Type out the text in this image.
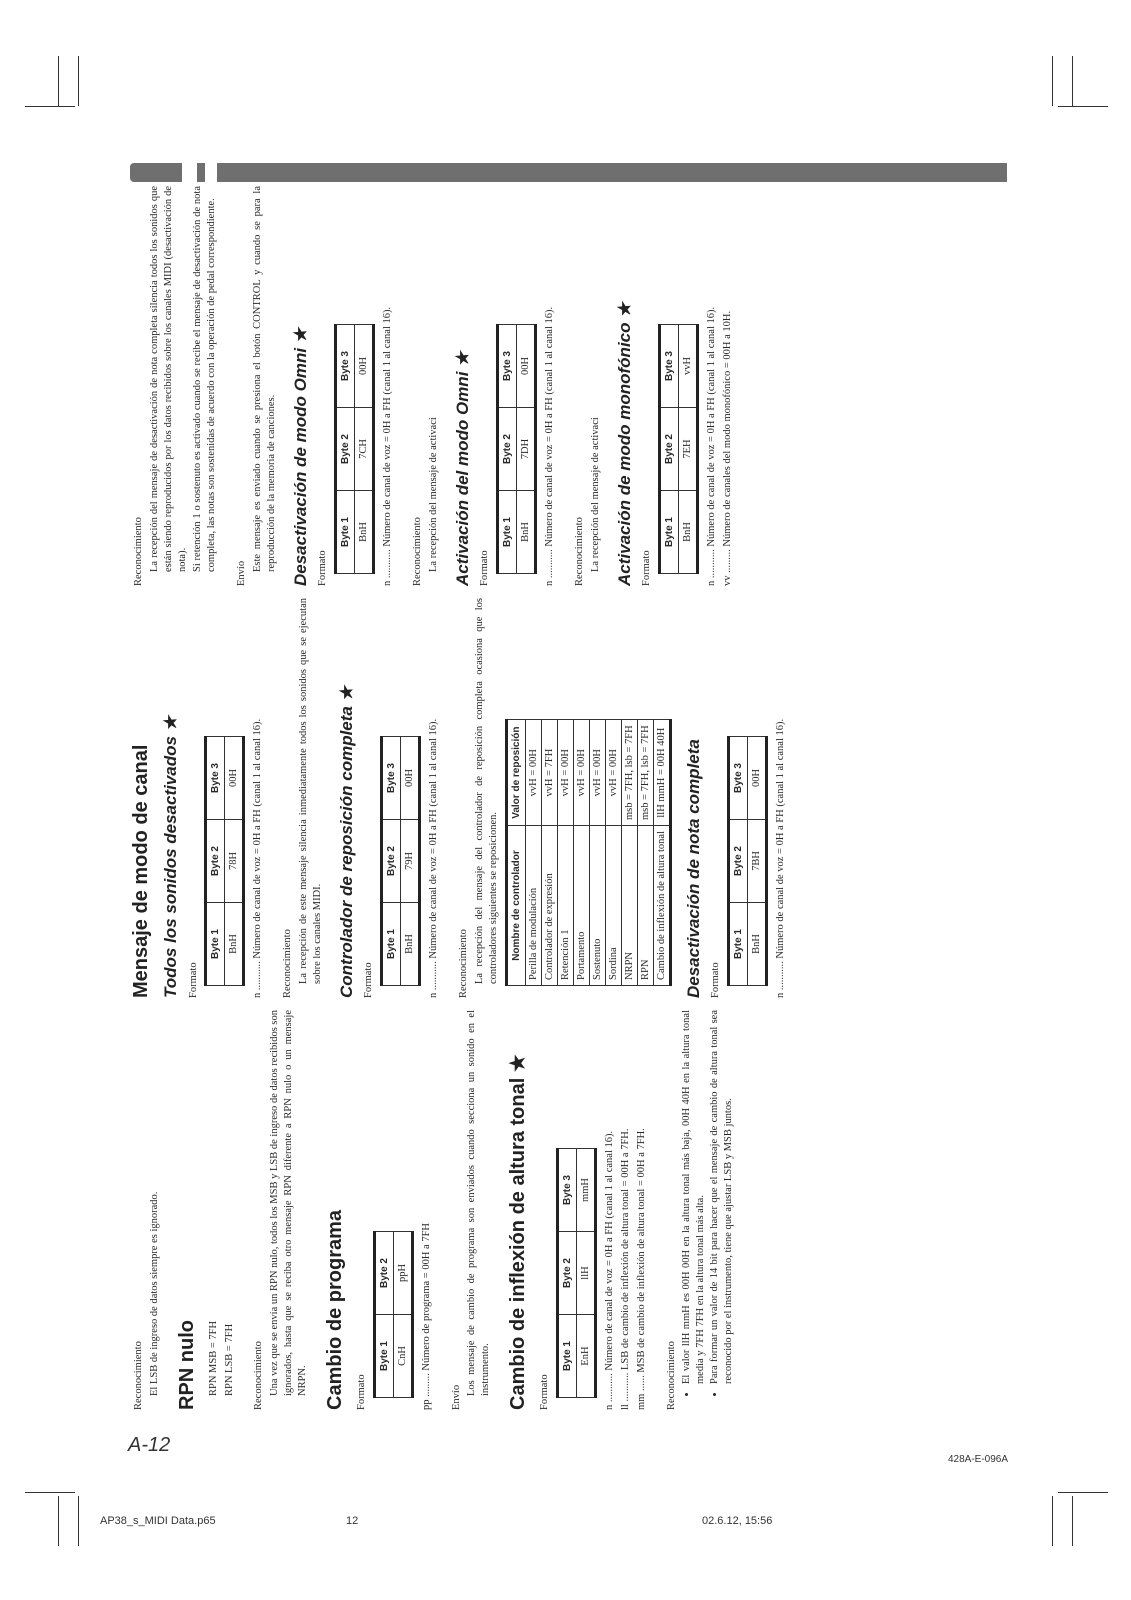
A-12
428A-E-096A
AP38_s_MIDI Data.p65	12	02.6.12, 15:56

Reconocimiento El LSB de ingreso de datos siempre es ignorado. RPN nulo RPN MSB = 7FH RPN LSB = 7FH Reconocimiento Una vez que se envía un RPN nulo, todos los MSB y LSB de ingreso de datos recibidos son ignorados, hasta que se reciba otro mensaje RPN diferente a RPN nulo o un mensaje NRPN. Cambio de programa Formato

Byte 1	Byte 2
CnH	ppH pp ......... Número de programa = 00H a 7FH Envío

Los mensaje de cambio de programa son enviados cuando secciona un sonido en el instrumento. Cambio de inflexión de altura tonal ★ Formato

Byte 1	Byte 2	Byte 3
EnH	llH	mmH n ........... Número de canal de voz = 0H a FH (canal 1 al canal 16). ll ........... LSB de cambio de inflexión de altura tonal = 00H a 7FH. mm ...... MSB de cambio de inflexión de altura tonal = 00H a 7FH. Reconocimiento • El valor llH mmH es 00H 00H en la altura tonal más baja, 00H 40H en la altura tonal media y 7FH 7FH en la altura tonal más alta. • Para formar un valor de 14 bit para hacer que el mensaje de cambio de altura tonal sea reconocido por el instrumento, tiene que ajustar LSB y MSB juntos.
Mensaje de modo de canal Todos los sonidos desactivados ★ Formato

Byte 1	Byte 2	Byte 3
BnH	78H	00H n ........... Número de canal de voz = 0H a FH (canal 1 al canal 16). Reconocimiento La recepción de este mensaje silencia inmediatamente todos los sonidos que se ejecutan sobre los canales MIDI. Controlador de reposición completa ★ Formato

Byte 1	Byte 2	Byte 3
BnH	79H	00H n ........... Número de canal de voz = 0H a FH (canal 1 al canal 16). Reconocimiento La recepción del mensaje del controlador de reposición completa ocasiona que los controladores siguientes se reposicionen. Nombre de controlador	Valor de reposición
Perilla de modulación	vvH = 00H
Controlador de expresión	vvH = 7FH
Retención 1	vvH = 00H
Portamento	vvH = 00H
Sostenuto	vvH = 00H
Sordina	vvH = 00H
NRPN	msb = 7FH, lsb = 7FH
RPN	msb = 7FH, lsb = 7FH
Cambio de inflexión de altura tonal	llH mmH = 00H 40H Desactivación de nota completa Formato

Byte 1	Byte 2	Byte 3
BnH	7BH	00H n ........... Número de canal de voz = 0H a FH (canal 1 al canal 16).

Reconocimiento La recepción del mensaje de desactivación de nota completa silencia todos los sonidos que están siendo reproducidos por los datos recibidos sobre los canales MIDI (desactivación de nota). Si retención 1 o sostenuto es activado cuando se recibe el mensaje de desactivación de nota completa, las notas son sostenidas de acuerdo con la operación de pedal correspondiente.

Envío

Este mensaje es enviado cuando se presiona el botón CONTROL y cuando se para la reproducción de la memoria de canciones. Desactivación de modo Omni ★ Formato

Byte 1	Byte 2	Byte 3
BnH	7CH	00H n ........... Número de canal de voz = 0H a FH (canal 1 al canal 16). Reconocimiento La recepción del mensaje de activaci Activación del modo Omni ★ Formato

Byte 1	Byte 2	Byte 3
BnH	7DH	00H n ........... Número de canal de voz = 0H a FH (canal 1 al canal 16). Reconocimiento La recepción del mensaje de activaci Activación de modo monofónico ★ Formato

Byte 1	Byte 2	Byte 3
BnH	7EH	vvH n ........... Número de canal de voz = 0H a FH (canal 1 al canal 16). vv ......... Número de canales del modo monofónico = 00H a 10H.
